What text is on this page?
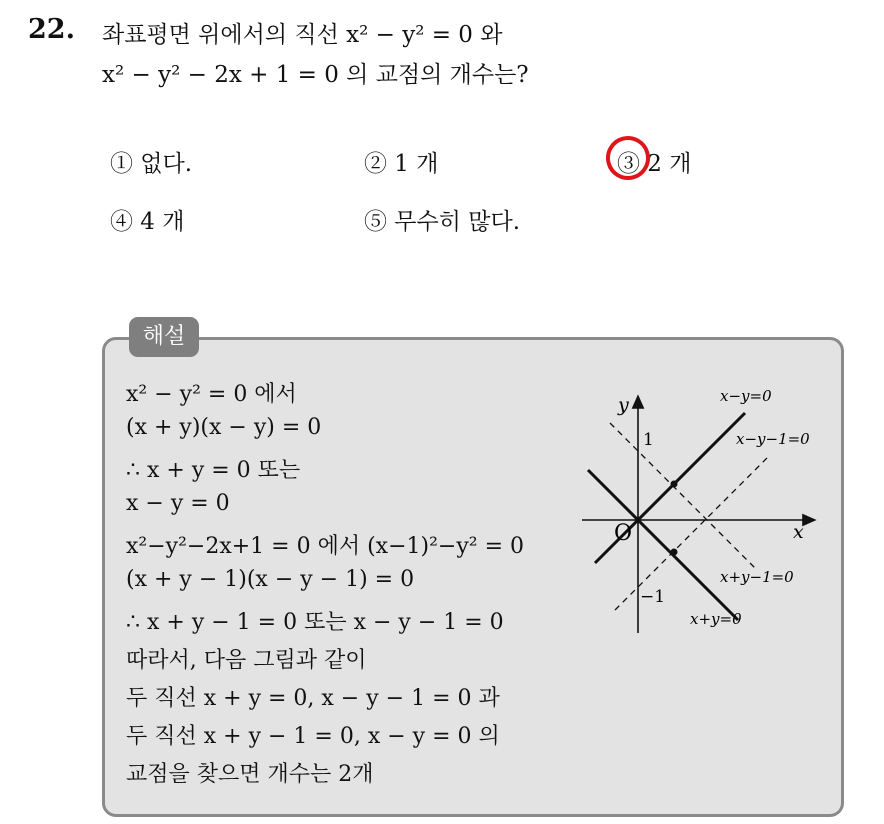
22. 좌표평면 위에서의 직선 x² − y² = 0 와
x² − y² − 2x + 1 = 0 의 교점의 개수는?
① 없다.	② 1 개	③ 2 개
④ 4 개	⑤ 무수히 많다.
해설
x² − y² = 0 에서
(x + y)(x − y) = 0
∴ x + y = 0 또는
x − y = 0
x²−y²−2x+1 = 0 에서 (x−1)²−y² = 0
(x + y − 1)(x − y − 1) = 0
∴ x + y − 1 = 0 또는 x − y − 1 = 0
따라서, 다음 그림과 같이
두 직선 x + y = 0, x − y − 1 = 0 과
두 직선 x + y − 1 = 0, x − y = 0 의
교점을 찾으면 개수는 2개
y
x
O
1
−1
x−y=0
x−y−1=0
x+y−1=0
x+y=0
